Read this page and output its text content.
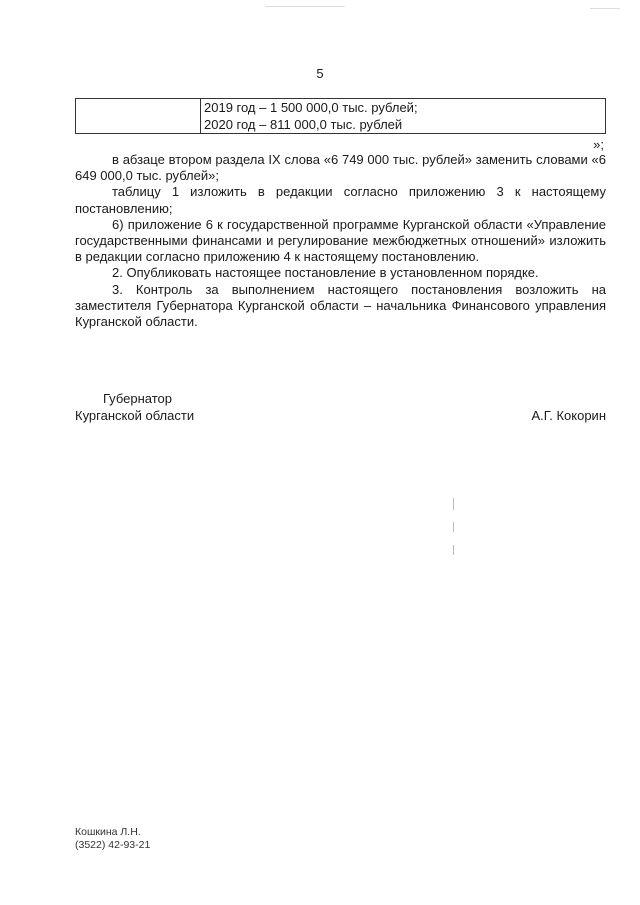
5

2019 год – 1 500 000,0 тыс. рублей;
2020 год – 811 000,0 тыс. рублей
»;

в абзаце втором раздела IX слова «6 749 000 тыс. рублей» заменить словами «6 649 000,0 тыс. рублей»;

таблицу 1 изложить в редакции согласно приложению 3 к настоящему постановлению;

6) приложение 6 к государственной программе Курганской области «Управление государственными финансами и регулирование межбюджетных отношений» изложить в редакции согласно приложению 4 к настоящему постановлению.

2. Опубликовать настоящее постановление в установленном порядке.

3. Контроль за выполнением настоящего постановления возложить на заместителя Губернатора Курганской области – начальника Финансового управления Курганской области.

Губернатор
Курганской области	А.Г. Кокорин
Кошкина Л.Н.
(3522) 42-93-21
